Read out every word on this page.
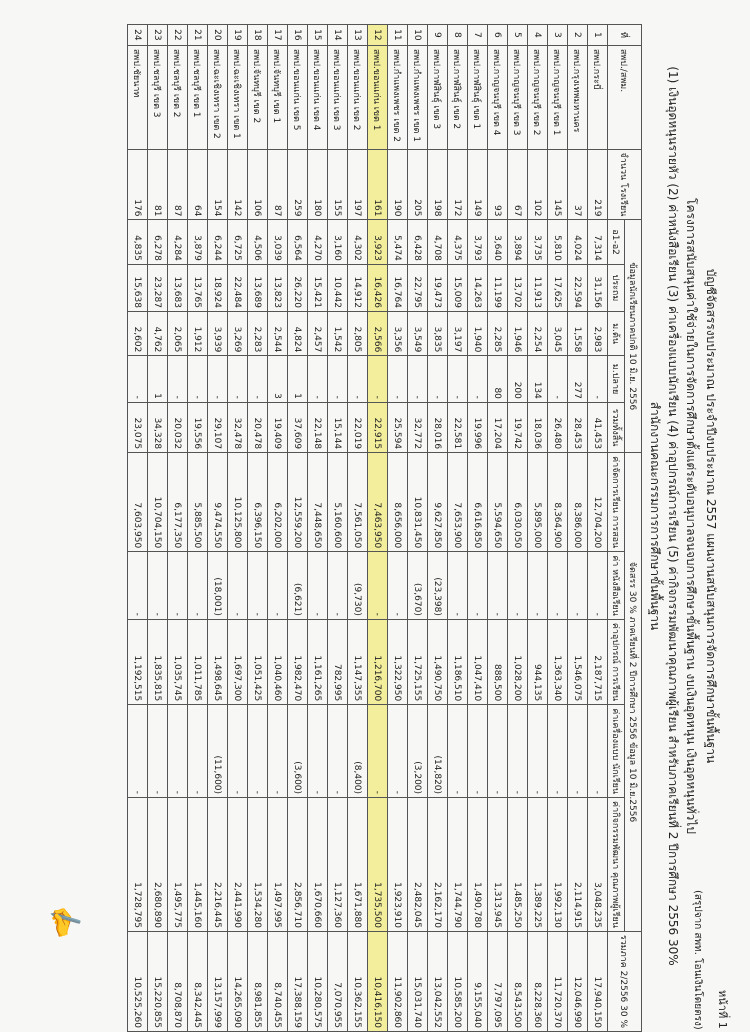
หน้าที่ 1
(สรุปจาก สพท. โอนเงินโดยตรง)
บัญชีจัดสรรงบประมาณ ประจำปีงบประมาณ 2557 แผนงานสนับสนุนการจัดการศึกษาขั้นพื้นฐาน
โครงการสนับสนุนค่าใช้จ่ายในการจัดการศึกษาตั้งแต่ระดับอนุบาลจนจบการศึกษาขั้นพื้นฐาน งบเงินอุดหนุน เงินอุดหนุนทั่วไป
(1) เงินอุดหนุนรายหัว (2) ค่าหนังสือเรียน (3) ค่าเครื่องแบบนักเรียน (4) ค่าอุปกรณ์การเรียน (5) ค่ากิจกรรมพัฒนาคุณภาพผู้เรียน สำหรับภาคเรียนที่ 2 ปีการศึกษา 2556 30%
สำนักงานคณะกรรมการการศึกษาขั้นพื้นฐาน
ที่	สพป./สพม.	จำนวน โรงเรียน	ข้อมูลนักเรียนภาคปกติ 10 มิ.ย. 2556					จัดสรร 30 % ภาคเรียนที่ 2 ปีการศึกษา 2556 ข้อมูล 10 มิ.ย.2556					รวมภาค 2/2556 30 %
			อ1-อ2	ประถม	ม.ต้น	ม.ปลาย	รวมทั้งสิ้น	ค่าจัดการเรียน การสอน	ค่า หนังสือเรียน	ค่าอุปกรณ์ การเรียน	ค่าเครื่องแบบ นักเรียน	ค่ากิจกรรมพัฒนา คุณภาพผู้เรียน	
1	สพป.กระบี่	219	7,314	31,156	2,983	-	41,453	12,704,200	-	2,187,715	-	3,048,235	17,940,150
2	สพป.กรุงเทพมหานคร	37	4,024	22,594	1,558	277	28,453	8,386,000	-	1,546,075	-	2,114,915	12,046,990
3	สพป.กาญจนบุรี เขต 1	145	5,810	17,625	3,045	-	26,480	8,364,900	-	1,363,340	-	1,992,130	11,720,370
4	สพป.กาญจนบุรี เขต 2	102	3,735	11,913	2,254	134	18,036	5,895,000	-	944,135	-	1,389,225	8,228,360
5	สพป.กาญจนบุรี เขต 3	67	3,894	13,702	1,946	200	19,742	6,030,050	-	1,028,200	-	1,485,250	8,543,500
6	สพป.กาญจนบุรี เขต 4	93	3,640	11,199	2,285	80	17,204	5,594,650	-	888,500	-	1,313,945	7,797,095
7	สพป.กาฬสินธุ์ เขต 1	149	3,793	14,263	1,940	-	19,996	6,616,850	-	1,047,410	-	1,490,780	9,155,040
8	สพป.กาฬสินธุ์ เขต 2	172	4,375	15,009	3,197	-	22,581	7,653,900	-	1,186,510	-	1,744,790	10,585,200
9	สพป.กาฬสินธุ์ เขต 3	198	4,708	19,473	3,835	-	28,016	9,627,850	(23,398)	1,490,750	(14,820)	2,162,170	13,042,552
10	สพป.กำแพงเพชร เขต 1	205	6,428	22,795	3,549	-	32,772	10,831,450	(3,670)	1,725,155	(3,200)	2,482,045	15,031,740
11	สพป.กำแพงเพชร เขต 2	190	5,474	16,764	3,356	-	25,594	8,656,000	-	1,322,950	-	1,923,910	11,902,860
12	สพป.ขอนแก่น เขต 1	161	3,923	16,426	2,566	-	22,915	7,463,950	-	1,216,700	-	1,735,500	10,416,150
13	สพป.ขอนแก่น เขต 2	197	4,302	14,912	2,805	-	22,019	7,561,050	(9,730)	1,147,355	(8,400)	1,671,880	10,362,155
14	สพป.ขอนแก่น เขต 3	155	3,160	10,442	1,542	-	15,144	5,160,600	-	782,995	-	1,127,360	7,070,955
15	สพป.ขอนแก่น เขต 4	180	4,270	15,421	2,457	-	22,148	7,448,650	-	1,161,265	-	1,670,660	10,280,575
16	สพป.ขอนแก่น เขต 5	259	6,564	26,220	4,824	1	37,609	12,559,200	(6,621)	1,982,470	(3,600)	2,856,710	17,388,159
17	สพป.จันทบุรี เขต 1	87	3,039	13,823	2,544	3	19,409	6,202,000	-	1,040,460	-	1,497,995	8,740,455
18	สพป.จันทบุรี เขต 2	106	4,506	13,689	2,283	-	20,478	6,396,150	-	1,051,425	-	1,534,280	8,981,855
19	สพป.ฉะเชิงเทรา เขต 1	142	6,725	22,484	3,269	-	32,478	10,125,800	-	1,697,300	-	2,441,990	14,265,090
20	สพป.ฉะเชิงเทรา เขต 2	154	6,244	18,924	3,939	-	29,107	9,474,550	(18,001)	1,498,645	(11,600)	2,216,445	13,157,999
21	สพป.ชลบุรี เขต 1	64	3,879	13,765	1,912	-	19,556	5,885,500	-	1,011,785	-	1,445,160	8,342,445
22	สพป.ชลบุรี เขต 2	87	4,284	13,683	2,065	-	20,032	6,177,350	-	1,035,745	-	1,495,775	8,708,870
23	สพป.ชลบุรี เขต 3	81	6,278	23,287	4,762	1	34,328	10,704,150	-	1,835,815	-	2,680,890	15,220,855
24	สพป.ชัยนาท	176	4,835	15,638	2,602	-	23,075	7,603,950	-	1,192,515	-	1,728,795	10,525,260
✍
